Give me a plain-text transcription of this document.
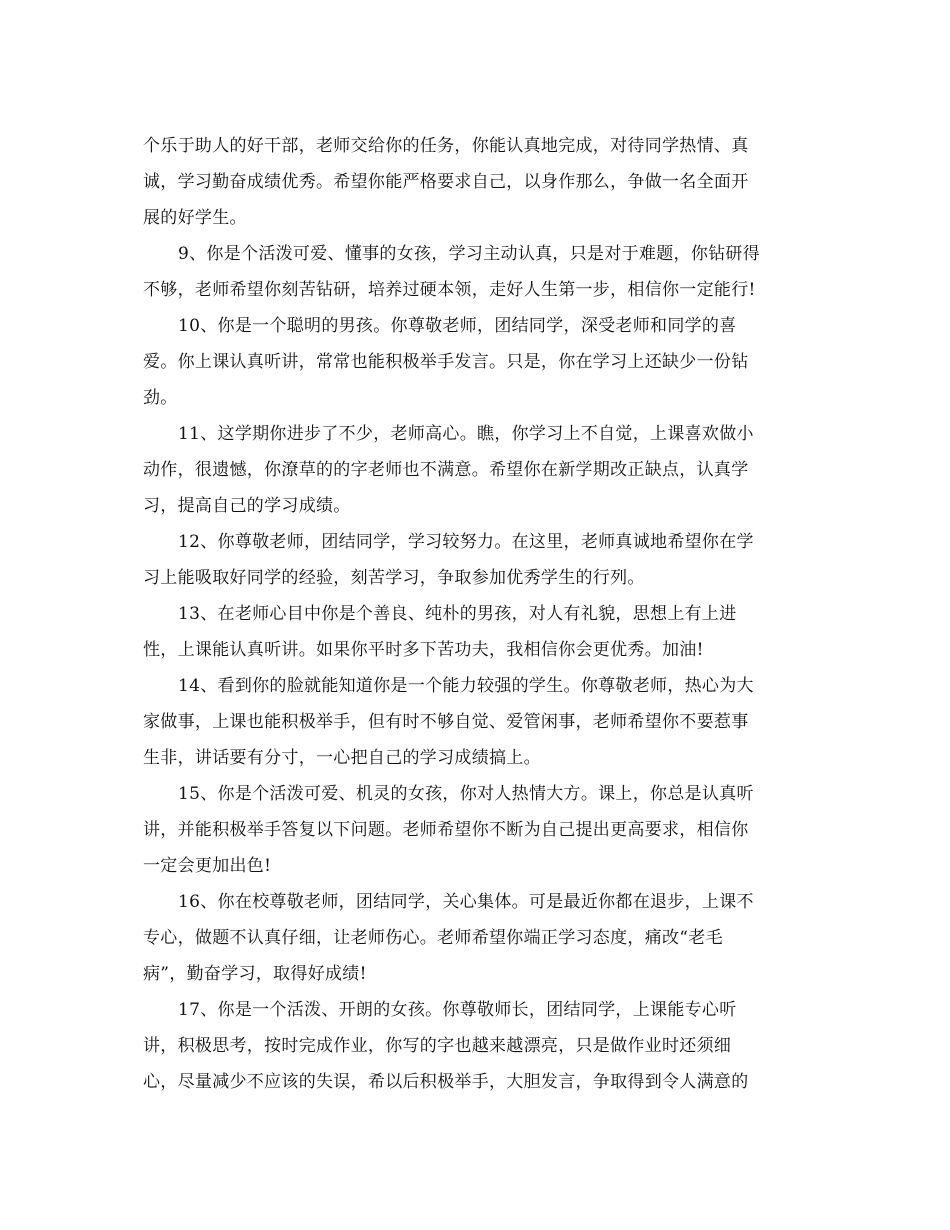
个乐于助人的好干部，老师交给你的任务，你能认真地完成，对待同学热情、真
诚，学习勤奋成绩优秀。希望你能严格要求自己，以身作那么，争做一名全面开
展的好学生。
9、你是个活泼可爱、懂事的女孩，学习主动认真，只是对于难题，你钻研得
不够，老师希望你刻苦钻研，培养过硬本领，走好人生第一步，相信你一定能行!
10、你是一个聪明的男孩。你尊敬老师，团结同学，深受老师和同学的喜
爱。你上课认真听讲，常常也能积极举手发言。只是，你在学习上还缺少一份钻
劲。
11、这学期你进步了不少，老师高心。瞧，你学习上不自觉，上课喜欢做小
动作，很遗憾，你潦草的的字老师也不满意。希望你在新学期改正缺点，认真学
习，提高自己的学习成绩。
12、你尊敬老师，团结同学，学习较努力。在这里，老师真诚地希望你在学
习上能吸取好同学的经验，刻苦学习，争取参加优秀学生的行列。
13、在老师心目中你是个善良、纯朴的男孩，对人有礼貌，思想上有上进
性，上课能认真听讲。如果你平时多下苦功夫，我相信你会更优秀。加油!
14、看到你的脸就能知道你是一个能力较强的学生。你尊敬老师，热心为大
家做事，上课也能积极举手，但有时不够自觉、爱管闲事，老师希望你不要惹事
生非，讲话要有分寸，一心把自己的学习成绩搞上。
15、你是个活泼可爱、机灵的女孩，你对人热情大方。课上，你总是认真听
讲，并能积极举手答复以下问题。老师希望你不断为自己提出更高要求，相信你
一定会更加出色!
16、你在校尊敬老师，团结同学，关心集体。可是最近你都在退步，上课不
专心，做题不认真仔细，让老师伤心。老师希望你端正学习态度，痛改“老毛
病”，勤奋学习，取得好成绩!
17、你是一个活泼、开朗的女孩。你尊敬师长，团结同学，上课能专心听
讲，积极思考，按时完成作业，你写的字也越来越漂亮，只是做作业时还须细
心，尽量减少不应该的失误，希以后积极举手，大胆发言，争取得到令人满意的
